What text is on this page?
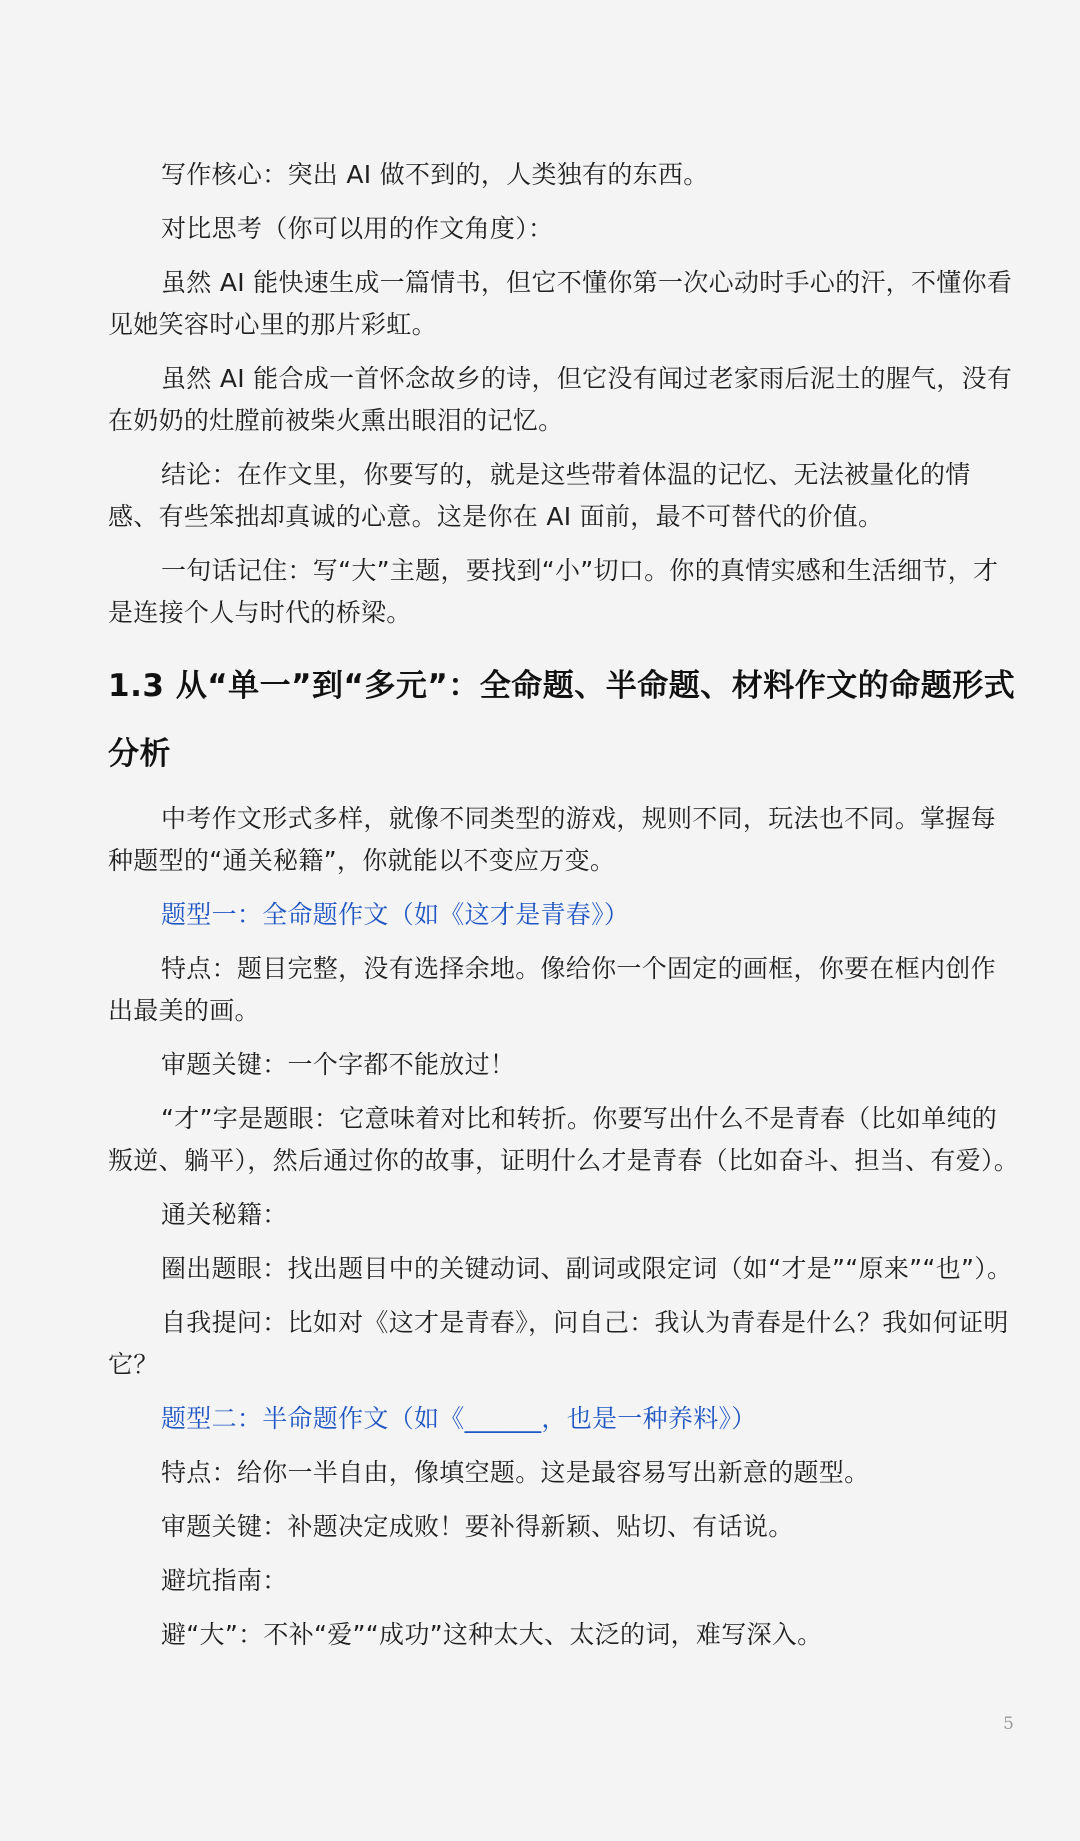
写作核心：突出 AI 做不到的，人类独有的东西。

对比思考（你可以用的作文角度）：

虽然 AI 能快速生成一篇情书，但它不懂你第一次心动时手心的汗，不懂你看见她笑容时心里的那片彩虹。

虽然 AI 能合成一首怀念故乡的诗，但它没有闻过老家雨后泥土的腥气，没有在奶奶的灶膛前被柴火熏出眼泪的记忆。

结论：在作文里，你要写的，就是这些带着体温的记忆、无法被量化的情感、有些笨拙却真诚的心意。这是你在 AI 面前，最不可替代的价值。

一句话记住：写“大”主题，要找到“小”切口。你的真情实感和生活细节，才是连接个人与时代的桥梁。

1.3 从“单一”到“多元”：全命题、半命题、材料作文的命题形式分析

中考作文形式多样，就像不同类型的游戏，规则不同，玩法也不同。掌握每种题型的“通关秘籍”，你就能以不变应万变。

题型一：全命题作文（如《这才是青春》）

特点：题目完整，没有选择余地。像给你一个固定的画框，你要在框内创作出最美的画。

审题关键：一个字都不能放过！

“才”字是题眼：它意味着对比和转折。你要写出什么不是青春（比如单纯的叛逆、躺平），然后通过你的故事，证明什么才是青春（比如奋斗、担当、有爱）。

通关秘籍：

圈出题眼：找出题目中的关键动词、副词或限定词（如“才是”“原来”“也”）。

自我提问：比如对《这才是青春》，问自己：我认为青春是什么？我如何证明它？

题型二：半命题作文（如《______，也是一种养料》）

特点：给你一半自由，像填空题。这是最容易写出新意的题型。

审题关键：补题决定成败！要补得新颖、贴切、有话说。

避坑指南：

避“大”：不补“爱”“成功”这种太大、太泛的词，难写深入。

5
